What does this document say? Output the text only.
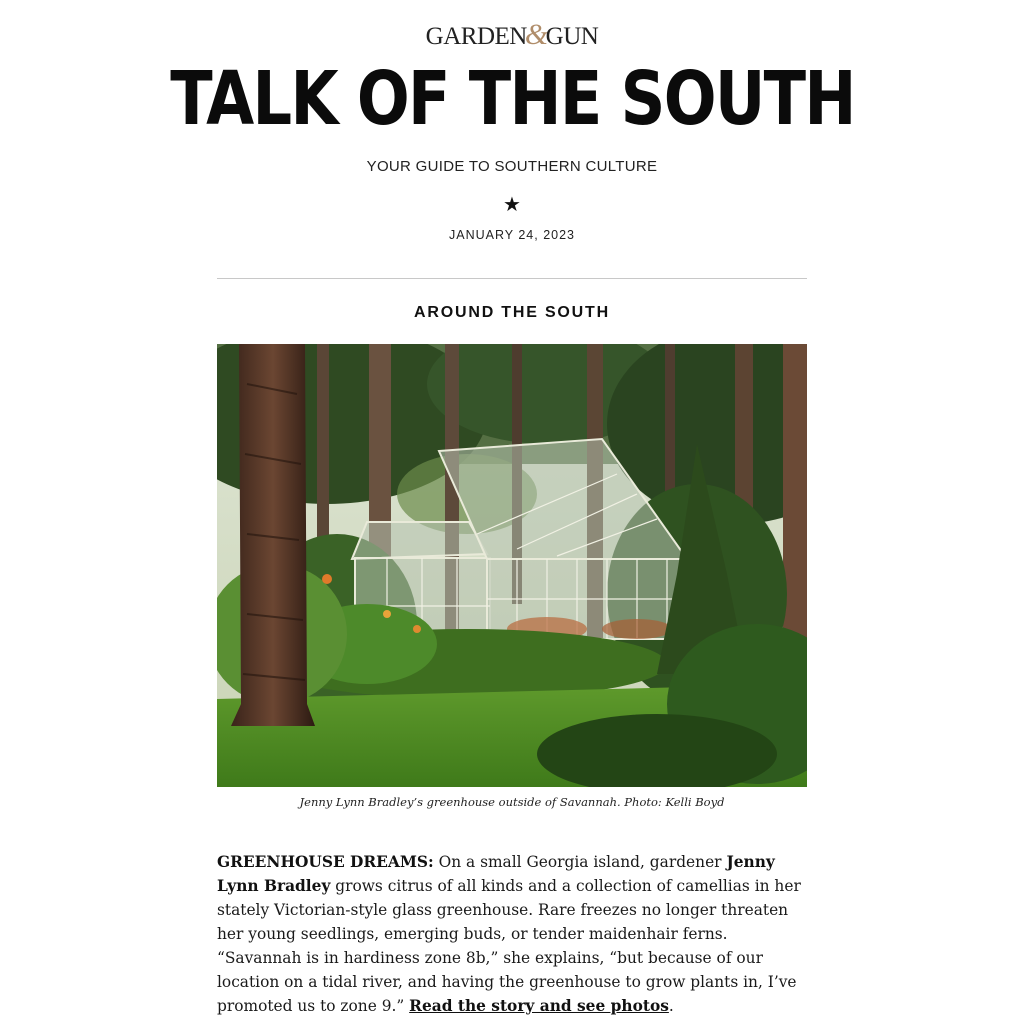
GARDEN&GUN
TALK OF THE SOUTH
YOUR GUIDE TO SOUTHERN CULTURE
★
JANUARY 24, 2023
AROUND THE SOUTH
Jenny Lynn Bradley’s greenhouse outside of Savannah. Photo: Kelli Boyd

GREENHOUSE DREAMS: On a small Georgia island, gardener Jenny Lynn Bradley grows citrus of all kinds and a collection of camellias in her stately Victorian-style glass greenhouse. Rare freezes no longer threaten her young seedlings, emerging buds, or tender maidenhair ferns. “Savannah is in hardiness zone 8b,” she explains, “but because of our location on a tidal river, and having the greenhouse to grow plants in, I’ve promoted us to zone 9.” Read the story and see photos.
